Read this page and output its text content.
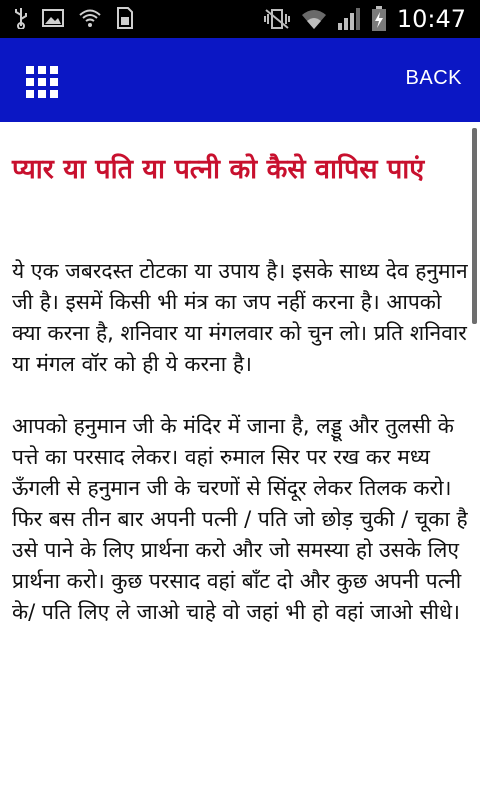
10:47
BACK
प्यार या पति या पत्नी को कैसे वापिस पाएं

ये एक जबरदस्त टोटका या उपाय है। इसके साध्य देव हनुमान जी है। इसमें किसी भी मंत्र का जप नहीं करना है। आपको क्या करना है, शनिवार या मंगलवार को चुन लो। प्रति शनिवार या मंगल वॉर को ही ये करना है।

आपको हनुमान जी के मंदिर में जाना है, लड्डू और तुलसी के पत्ते का परसाद लेकर। वहां रुमाल सिर पर रख कर मध्य ऊँगली से हनुमान जी के चरणों से सिंदूर लेकर तिलक करो। फिर बस तीन बार अपनी पत्नी / पति जो छोड़ चुकी / चूका है उसे पाने के लिए प्रार्थना करो और जो समस्या हो उसके लिए प्रार्थना करो। कुछ परसाद वहां बाँट दो और कुछ अपनी पत्नी के/ पति लिए ले जाओ चाहे वो जहां भी हो वहां जाओ सीधे।
